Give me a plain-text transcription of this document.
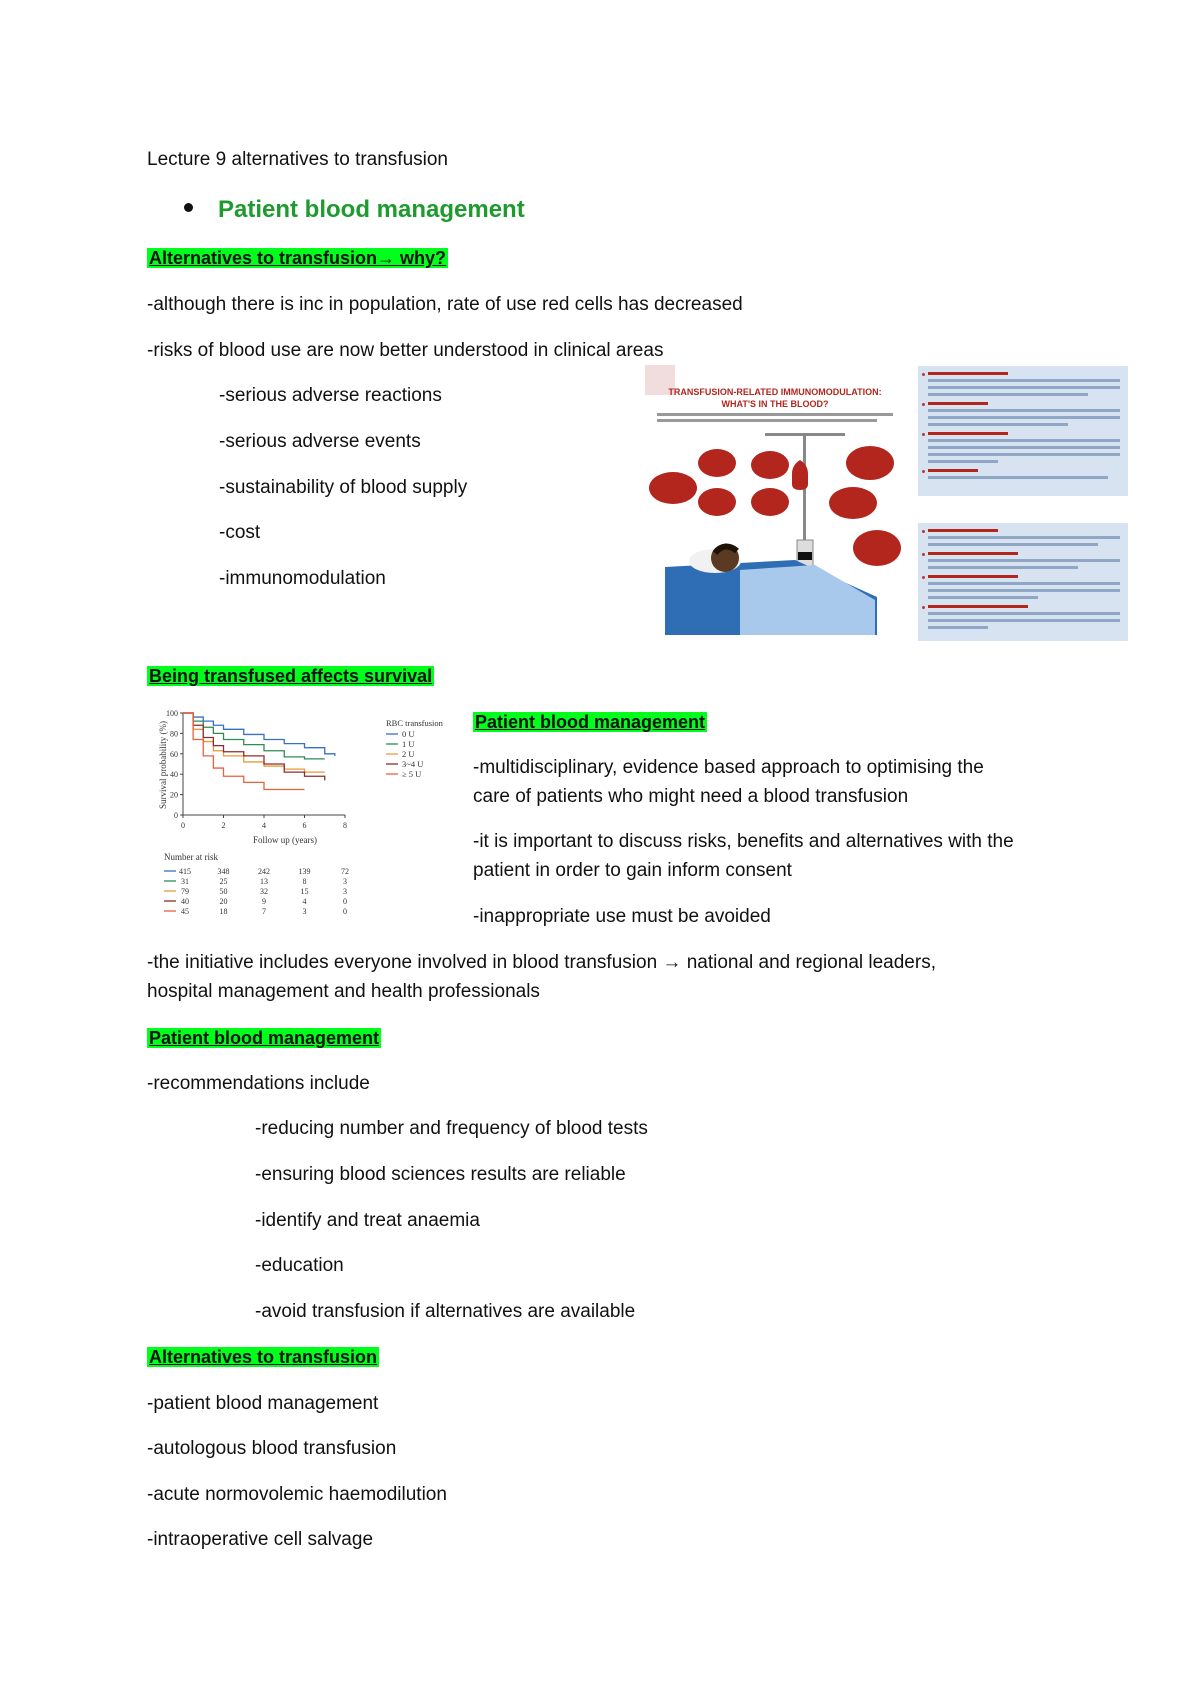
Lecture 9 alternatives to transfusion
Patient blood management
Alternatives to transfusion→ why?
-although there is inc in population, rate of use red cells has decreased
-risks of blood use are now better understood in clinical areas
-serious adverse reactions
-serious adverse events
-sustainability of blood supply
-cost
-immunomodulation
TRANSFUSION-RELATED IMMUNOMODULATION:
WHAT'S IN THE BLOOD?
Being transfused affects survival
0
20
40
60
80
100
0	2	4	6	8
0 U
1 U
2 U
3~4 U
≥ 5 U
415	348	242	139	72
31	25	13	8	3
79	50	32	15	3
40	20	9	4	0
45	18	7	3	0
Survival probability (%)
Follow up (years)
RBC transfusion
Number at risk
Patient blood management
-multidisciplinary, evidence based approach to optimising the
care of patients who might need a blood transfusion
-it is important to discuss risks, benefits and alternatives with the
patient in order to gain inform consent
-inappropriate use must be avoided
-the initiative includes everyone involved in blood transfusion → national and regional leaders,
hospital management and health professionals
Patient blood management
-recommendations include
-reducing number and frequency of blood tests
-ensuring blood sciences results are reliable
-identify and treat anaemia
-education
-avoid transfusion if alternatives are available
Alternatives to transfusion
-patient blood management
-autologous blood transfusion
-acute normovolemic haemodilution
-intraoperative cell salvage
